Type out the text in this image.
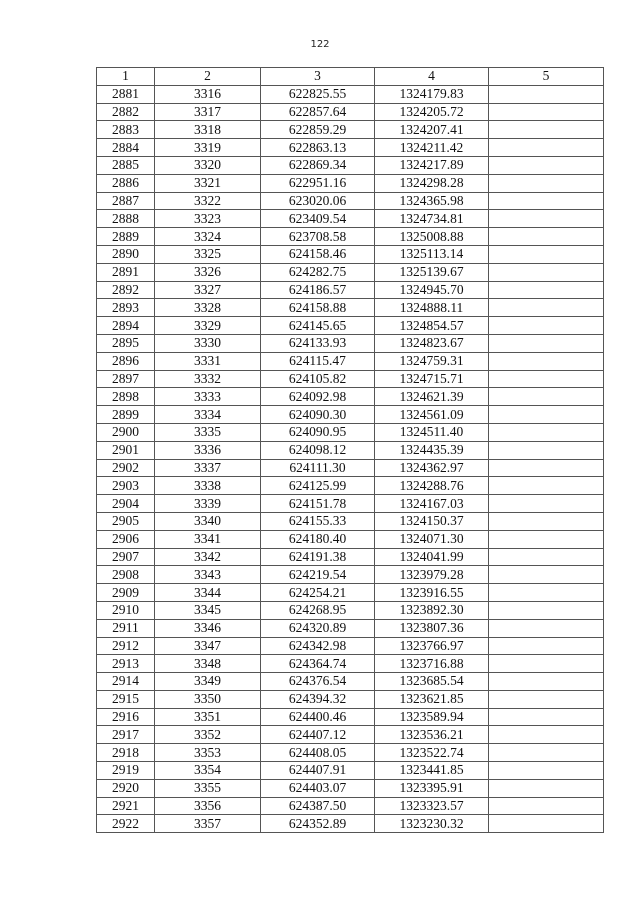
122
1	2	3	4	5
2881	3316	622825.55	1324179.83	
2882	3317	622857.64	1324205.72	
2883	3318	622859.29	1324207.41	
2884	3319	622863.13	1324211.42	
2885	3320	622869.34	1324217.89	
2886	3321	622951.16	1324298.28	
2887	3322	623020.06	1324365.98	
2888	3323	623409.54	1324734.81	
2889	3324	623708.58	1325008.88	
2890	3325	624158.46	1325113.14	
2891	3326	624282.75	1325139.67	
2892	3327	624186.57	1324945.70	
2893	3328	624158.88	1324888.11	
2894	3329	624145.65	1324854.57	
2895	3330	624133.93	1324823.67	
2896	3331	624115.47	1324759.31	
2897	3332	624105.82	1324715.71	
2898	3333	624092.98	1324621.39	
2899	3334	624090.30	1324561.09	
2900	3335	624090.95	1324511.40	
2901	3336	624098.12	1324435.39	
2902	3337	624111.30	1324362.97	
2903	3338	624125.99	1324288.76	
2904	3339	624151.78	1324167.03	
2905	3340	624155.33	1324150.37	
2906	3341	624180.40	1324071.30	
2907	3342	624191.38	1324041.99	
2908	3343	624219.54	1323979.28	
2909	3344	624254.21	1323916.55	
2910	3345	624268.95	1323892.30	
2911	3346	624320.89	1323807.36	
2912	3347	624342.98	1323766.97	
2913	3348	624364.74	1323716.88	
2914	3349	624376.54	1323685.54	
2915	3350	624394.32	1323621.85	
2916	3351	624400.46	1323589.94	
2917	3352	624407.12	1323536.21	
2918	3353	624408.05	1323522.74	
2919	3354	624407.91	1323441.85	
2920	3355	624403.07	1323395.91	
2921	3356	624387.50	1323323.57	
2922	3357	624352.89	1323230.32	
